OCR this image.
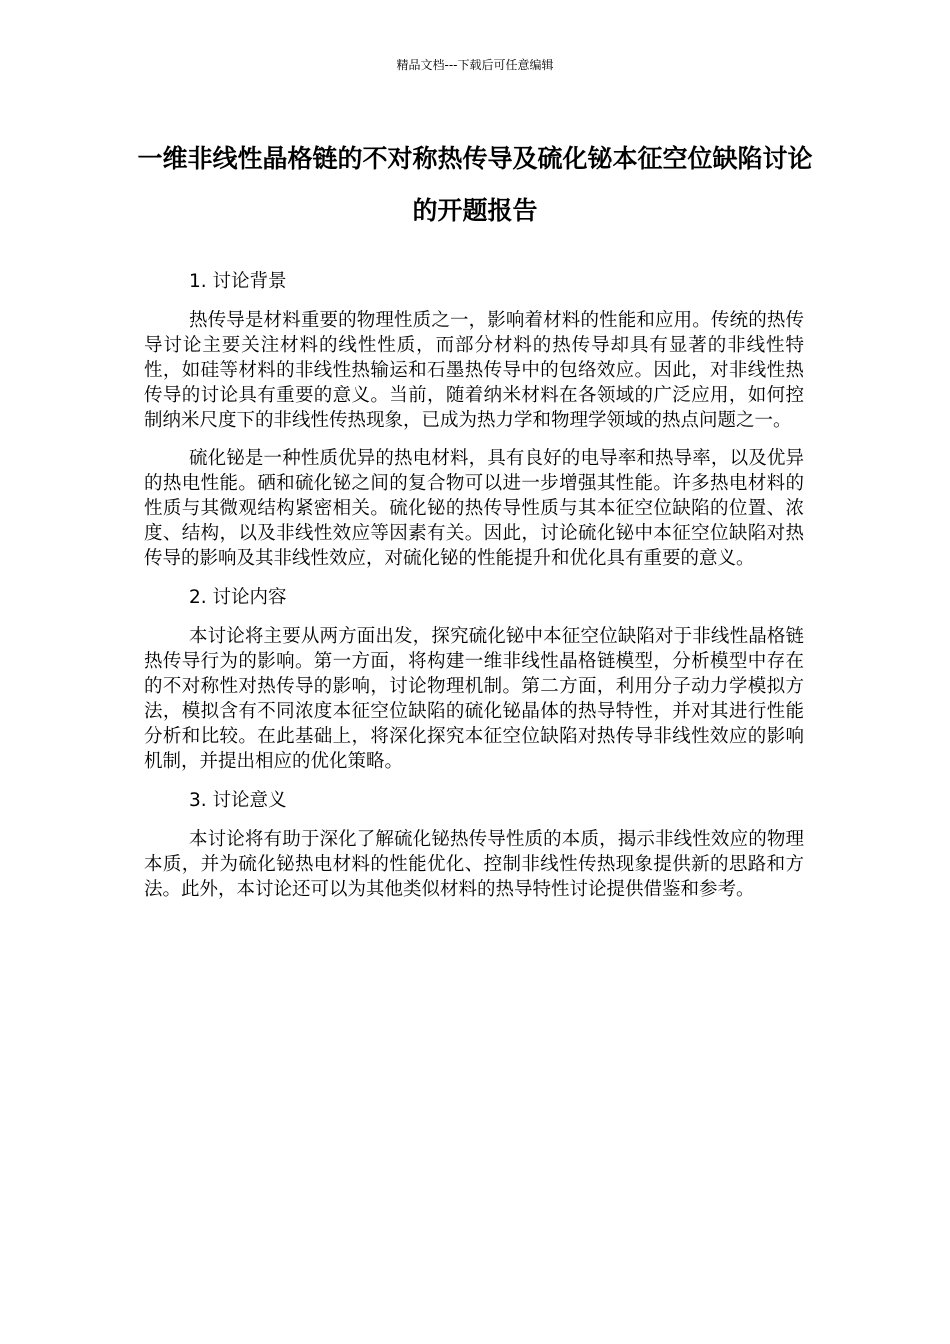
精品文档---下载后可任意编辑
一维非线性晶格链的不对称热传导及硫化铋本征空位缺陷讨论的开题报告
1. 讨论背景

热传导是材料重要的物理性质之一，影响着材料的性能和应用。传统的热传导讨论主要关注材料的线性性质，而部分材料的热传导却具有显著的非线性特性，如硅等材料的非线性热输运和石墨热传导中的包络效应。因此，对非线性热传导的讨论具有重要的意义。当前，随着纳米材料在各领域的广泛应用，如何控制纳米尺度下的非线性传热现象，已成为热力学和物理学领域的热点问题之一。

硫化铋是一种性质优异的热电材料，具有良好的电导率和热导率，以及优异的热电性能。硒和硫化铋之间的复合物可以进一步增强其性能。许多热电材料的性质与其微观结构紧密相关。硫化铋的热传导性质与其本征空位缺陷的位置、浓度、结构，以及非线性效应等因素有关。因此，讨论硫化铋中本征空位缺陷对热传导的影响及其非线性效应，对硫化铋的性能提升和优化具有重要的意义。

2. 讨论内容

本讨论将主要从两方面出发，探究硫化铋中本征空位缺陷对于非线性晶格链热传导行为的影响。第一方面，将构建一维非线性晶格链模型，分析模型中存在的不对称性对热传导的影响，讨论物理机制。第二方面，利用分子动力学模拟方法，模拟含有不同浓度本征空位缺陷的硫化铋晶体的热导特性，并对其进行性能分析和比较。在此基础上，将深化探究本征空位缺陷对热传导非线性效应的影响机制，并提出相应的优化策略。

3. 讨论意义

本讨论将有助于深化了解硫化铋热传导性质的本质，揭示非线性效应的物理本质，并为硫化铋热电材料的性能优化、控制非线性传热现象提供新的思路和方法。此外，本讨论还可以为其他类似材料的热导特性讨论提供借鉴和参考。
